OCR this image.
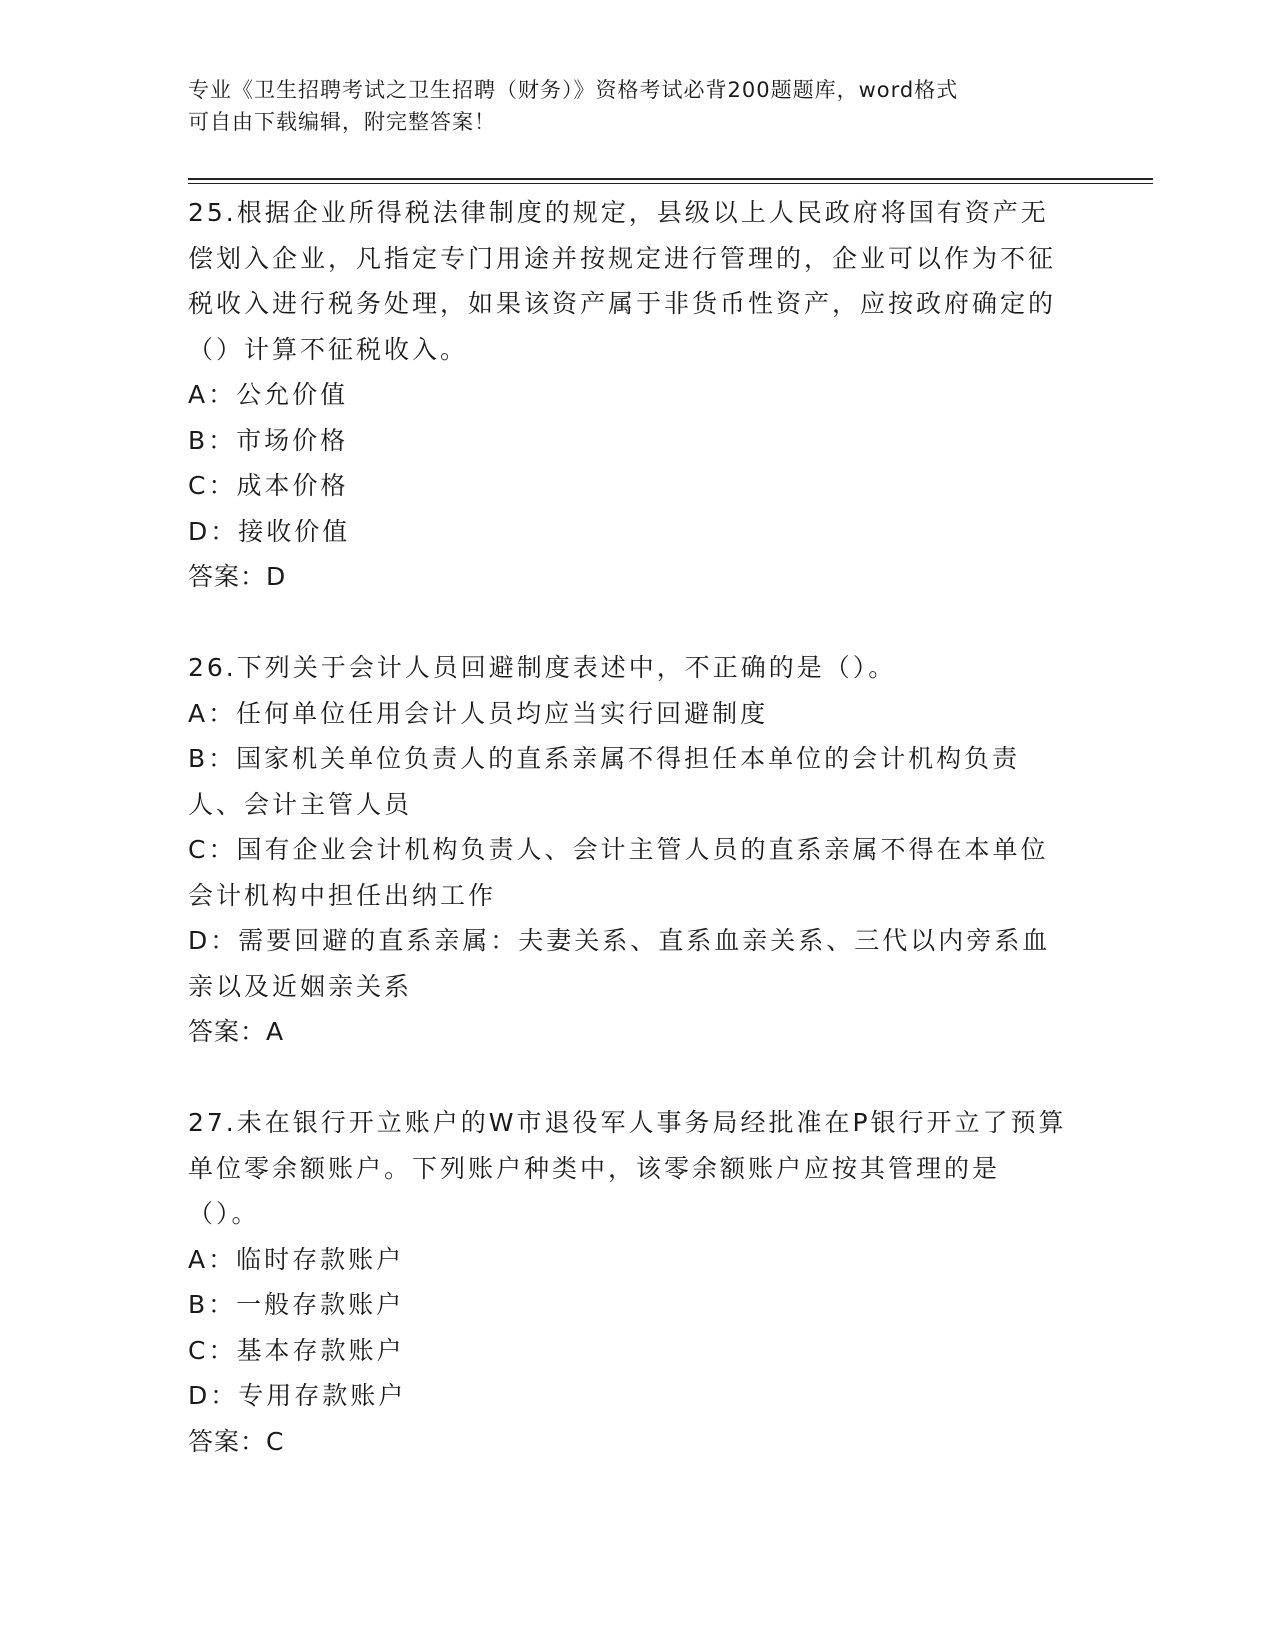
专业《卫生招聘考试之卫生招聘（财务）》资格考试必背200题题库，word格式
可自由下载编辑，附完整答案！

25.根据企业所得税法律制度的规定，县级以上人民政府将国有资产无偿划入企业，凡指定专门用途并按规定进行管理的，企业可以作为不征税收入进行税务处理，如果该资产属于非货币性资产，应按政府确定的（）计算不征税收入。

A：公允价值

B：市场价格

C：成本价格

D：接收价值

答案：D

26.下列关于会计人员回避制度表述中，不正确的是（）。

A：任何单位任用会计人员均应当实行回避制度

B：国家机关单位负责人的直系亲属不得担任本单位的会计机构负责人、会计主管人员

C：国有企业会计机构负责人、会计主管人员的直系亲属不得在本单位会计机构中担任出纳工作

D：需要回避的直系亲属：夫妻关系、直系血亲关系、三代以内旁系血亲以及近姻亲关系

答案：A

27.未在银行开立账户的W市退役军人事务局经批准在P银行开立了预算单位零余额账户。下列账户种类中，该零余额账户应按其管理的是（）。

A：临时存款账户

B：一般存款账户

C：基本存款账户

D：专用存款账户

答案：C
